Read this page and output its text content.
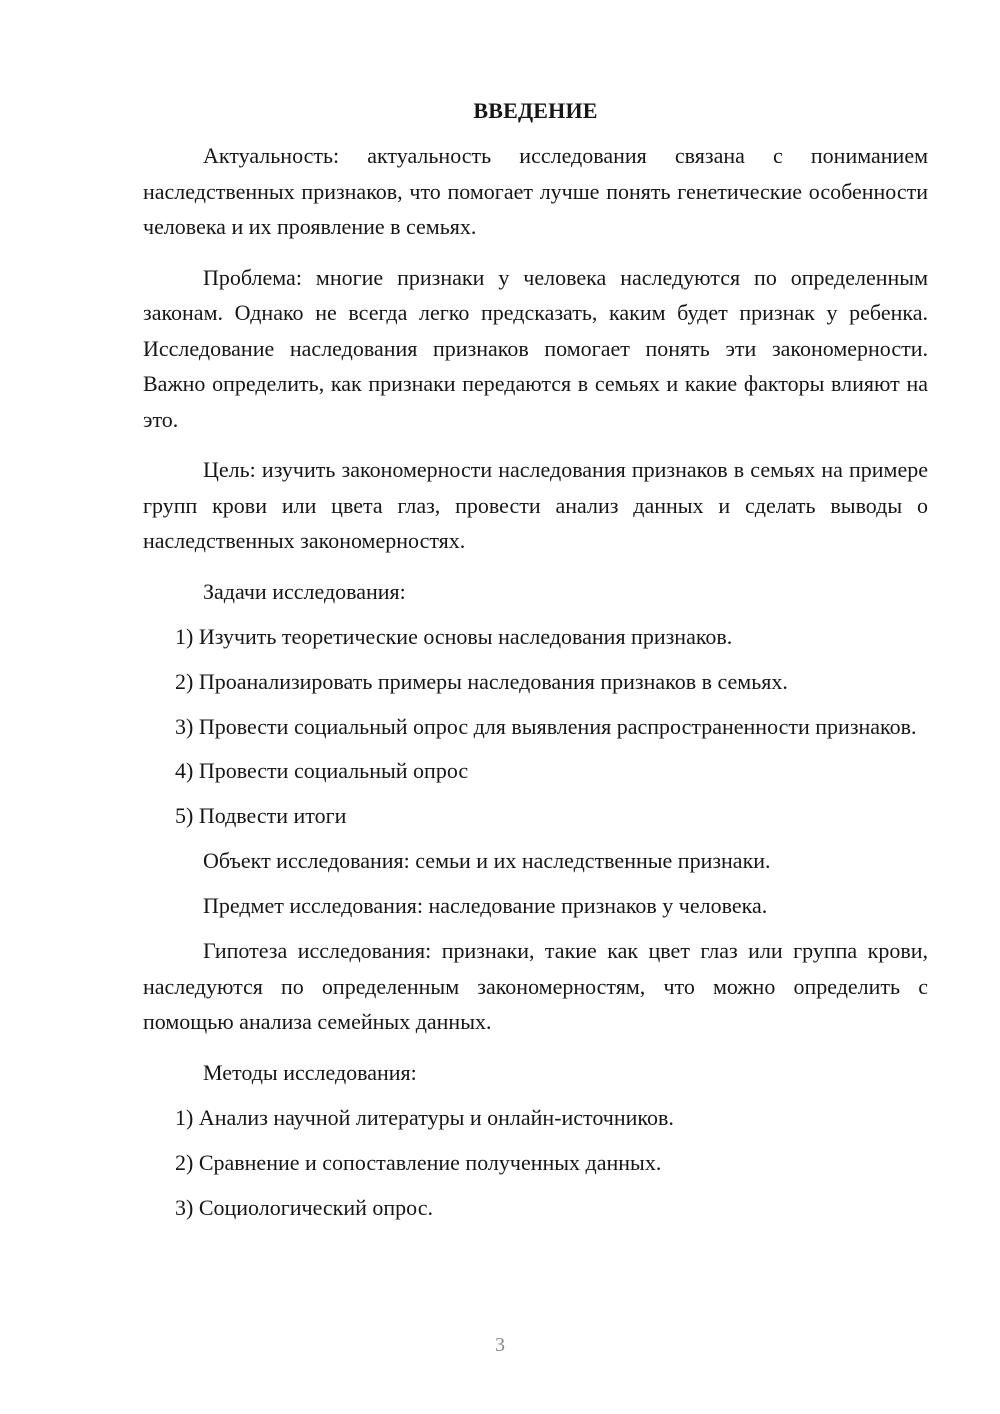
ВВЕДЕНИЕ

Актуальность: актуальность исследования связана с пониманием наследственных признаков, что помогает лучше понять генетические особенности человека и их проявление в семьях.

Проблема: многие признаки у человека наследуются по определенным законам. Однако не всегда легко предсказать, каким будет признак у ребенка. Исследование наследования признаков помогает понять эти закономерности. Важно определить, как признаки передаются в семьях и какие факторы влияют на это.

Цель: изучить закономерности наследования признаков в семьях на примере групп крови или цвета глаз, провести анализ данных и сделать выводы о наследственных закономерностях.

Задачи исследования:

1) Изучить теоретические основы наследования признаков.

2) Проанализировать примеры наследования признаков в семьях.

3) Провести социальный опрос для выявления распространенности признаков.

4) Провести социальный опрос

5) Подвести итоги

Объект исследования: семьи и их наследственные признаки.

Предмет исследования: наследование признаков у человека.

Гипотеза исследования: признаки, такие как цвет глаз или группа крови, наследуются по определенным закономерностям, что можно определить с помощью анализа семейных данных.

Методы исследования:

1) Анализ научной литературы и онлайн-источников.

2) Сравнение и сопоставление полученных данных.

3) Социологический опрос.

3
